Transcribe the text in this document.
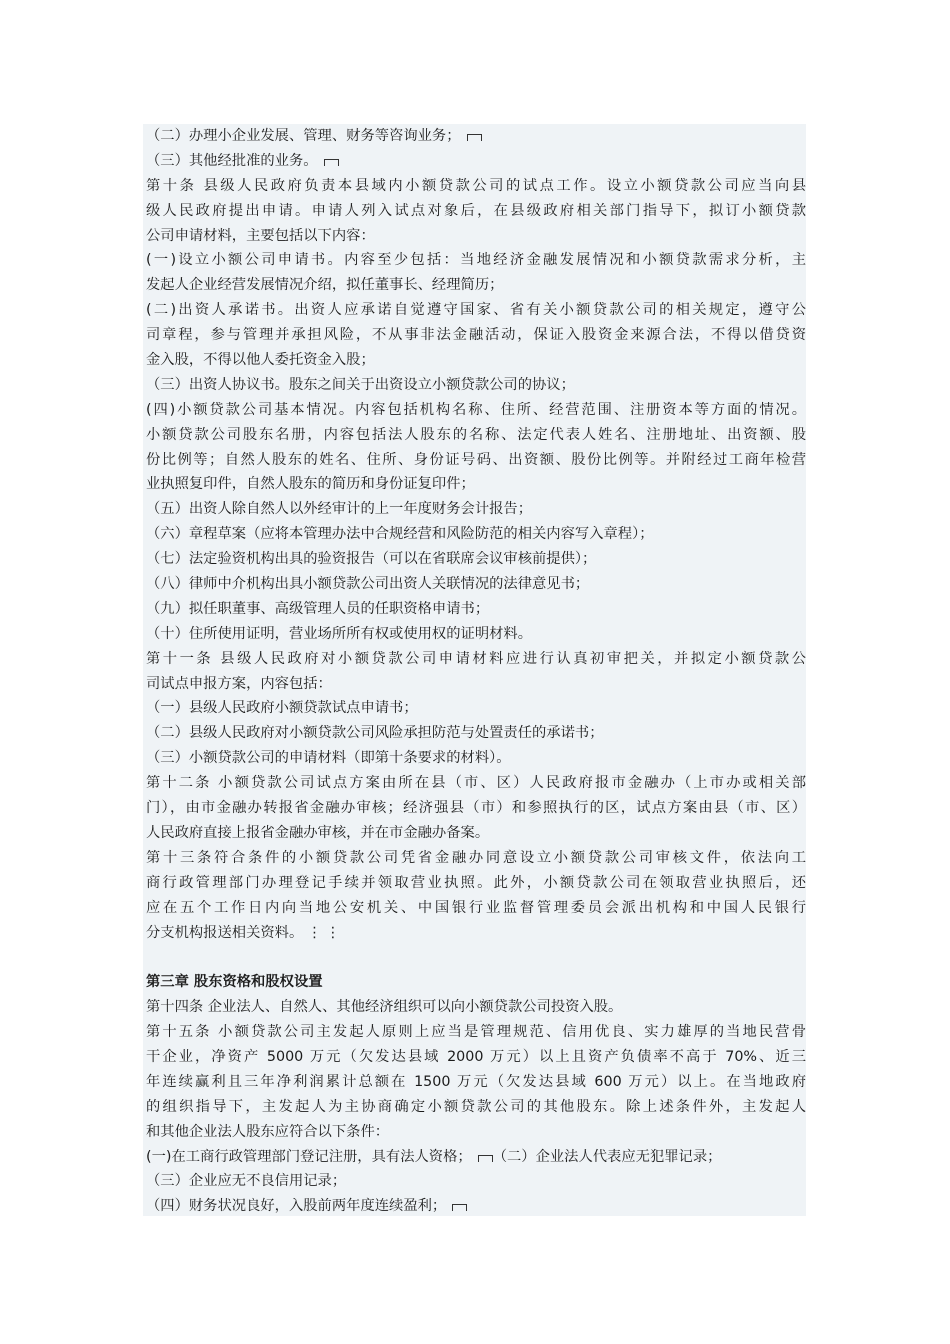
（二）办理小企业发展、管理、财务等咨询业务；
（三）其他经批准的业务。
第十条 县级人民政府负责本县域内小额贷款公司的试点工作。设立小额贷款公司应当向县
级人民政府提出申请。申请人列入试点对象后，在县级政府相关部门指导下，拟订小额贷款
公司申请材料，主要包括以下内容：
(一)设立小额公司申请书。内容至少包括：当地经济金融发展情况和小额贷款需求分析，主
发起人企业经营发展情况介绍，拟任董事长、经理简历；
(二)出资人承诺书。出资人应承诺自觉遵守国家、省有关小额贷款公司的相关规定，遵守公
司章程，参与管理并承担风险，不从事非法金融活动，保证入股资金来源合法，不得以借贷资
金入股，不得以他人委托资金入股；
（三）出资人协议书。股东之间关于出资设立小额贷款公司的协议；
(四)小额贷款公司基本情况。内容包括机构名称、住所、经营范围、注册资本等方面的情况。
小额贷款公司股东名册，内容包括法人股东的名称、法定代表人姓名、注册地址、出资额、股
份比例等；自然人股东的姓名、住所、身份证号码、出资额、股份比例等。并附经过工商年检营
业执照复印件，自然人股东的简历和身份证复印件；
（五）出资人除自然人以外经审计的上一年度财务会计报告；
（六）章程草案（应将本管理办法中合规经营和风险防范的相关内容写入章程）；
（七）法定验资机构出具的验资报告（可以在省联席会议审核前提供）；
（八）律师中介机构出具小额贷款公司出资人关联情况的法律意见书；
（九）拟任职董事、高级管理人员的任职资格申请书；
（十）住所使用证明，营业场所所有权或使用权的证明材料。
第十一条 县级人民政府对小额贷款公司申请材料应进行认真初审把关，并拟定小额贷款公
司试点申报方案，内容包括：
（一）县级人民政府小额贷款试点申请书；
（二）县级人民政府对小额贷款公司风险承担防范与处置责任的承诺书；
（三）小额贷款公司的申请材料（即第十条要求的材料）。
第十二条 小额贷款公司试点方案由所在县（市、区）人民政府报市金融办（上市办或相关部
门），由市金融办转报省金融办审核；经济强县（市）和参照执行的区，试点方案由县（市、区）
人民政府直接上报省金融办审核，并在市金融办备案。
第十三条符合条件的小额贷款公司凭省金融办同意设立小额贷款公司审核文件，依法向工
商行政管理部门办理登记手续并领取营业执照。此外，小额贷款公司在领取营业执照后，还
应在五个工作日内向当地公安机关、中国银行业监督管理委员会派出机构和中国人民银行
分支机构报送相关资料。 ⋮⋮
第三章 股东资格和股权设置
第十四条 企业法人、自然人、其他经济组织可以向小额贷款公司投资入股。
第十五条 小额贷款公司主发起人原则上应当是管理规范、信用优良、实力雄厚的当地民营骨
干企业，净资产 5000 万元（欠发达县域 2000 万元）以上且资产负债率不高于 70%、近三
年连续赢利且三年净利润累计总额在 1500 万元（欠发达县域 600 万元）以上。在当地政府
的组织指导下，主发起人为主协商确定小额贷款公司的其他股东。除上述条件外，主发起人
和其他企业法人股东应符合以下条件：
(一)在工商行政管理部门登记注册，具有法人资格； （二）企业法人代表应无犯罪记录；
（三）企业应无不良信用记录；
（四）财务状况良好，入股前两年度连续盈利；
